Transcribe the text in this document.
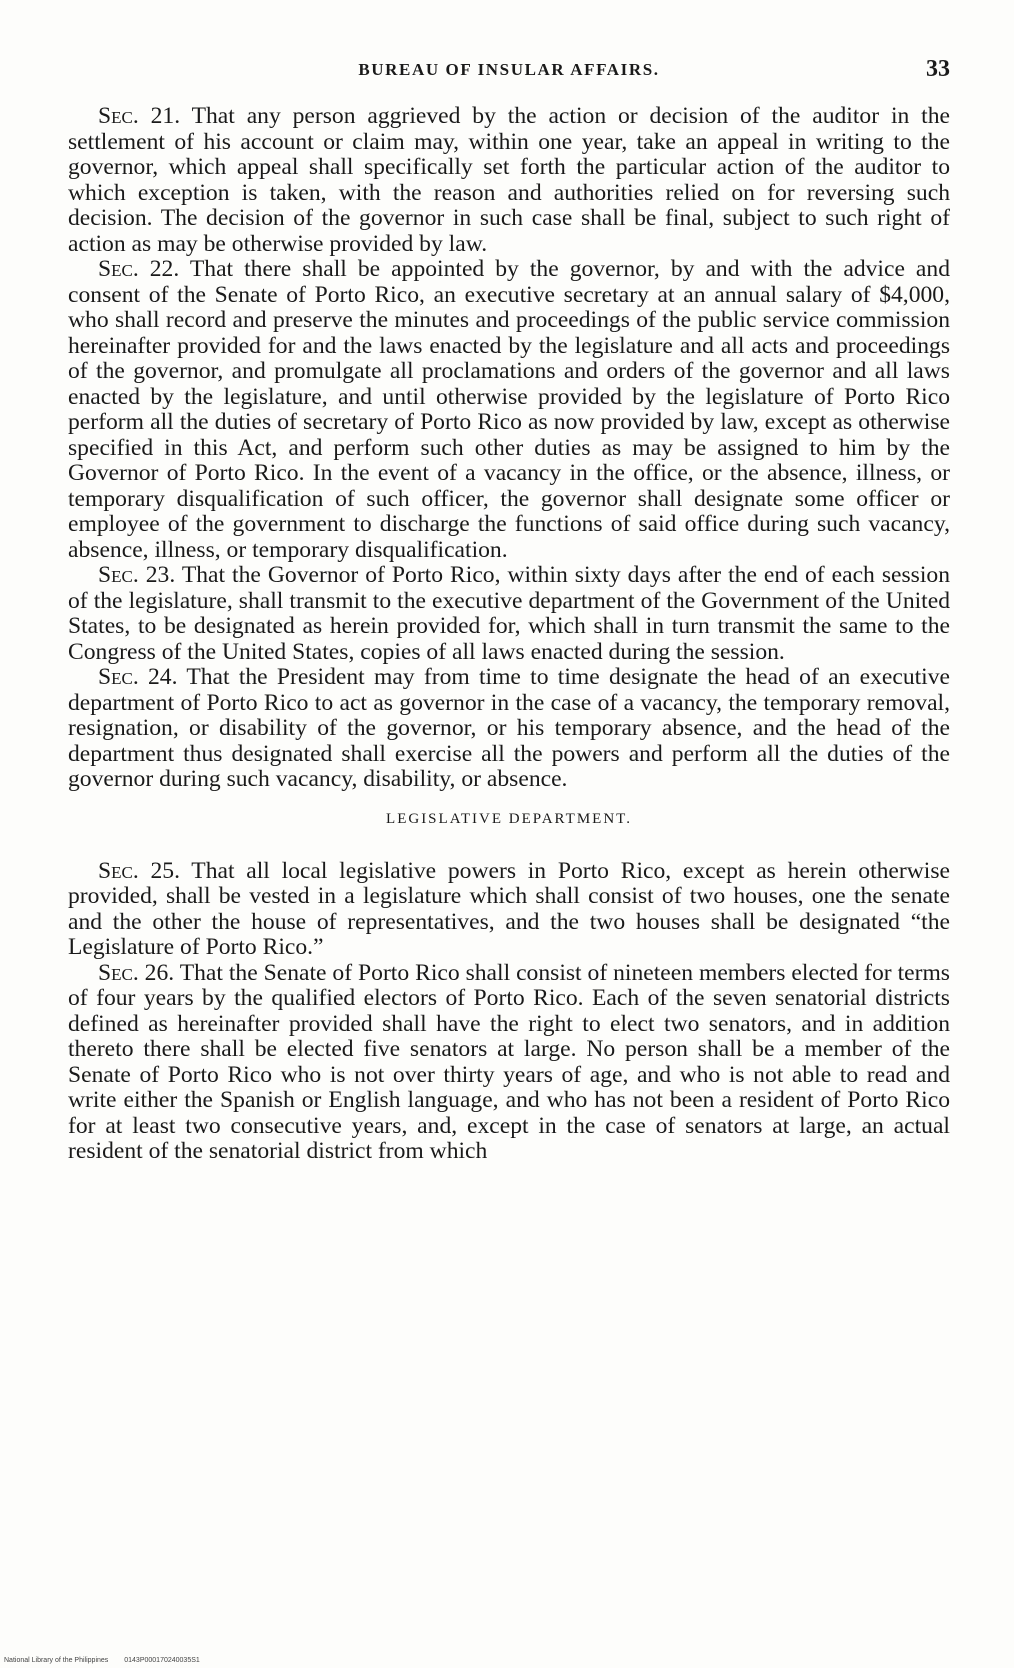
BUREAU OF INSULAR AFFAIRS.	33

Sec. 21. That any person aggrieved by the action or decision of the auditor in the settlement of his account or claim may, within one year, take an appeal in writing to the governor, which appeal shall specifically set forth the particular action of the auditor to which exception is taken, with the reason and authorities relied on for reversing such decision. The decision of the governor in such case shall be final, subject to such right of action as may be otherwise provided by law.

Sec. 22. That there shall be appointed by the governor, by and with the advice and consent of the Senate of Porto Rico, an executive secretary at an annual salary of $4,000, who shall record and preserve the minutes and proceedings of the public service commission hereinafter provided for and the laws enacted by the legislature and all acts and proceedings of the governor, and promulgate all proclamations and orders of the governor and all laws enacted by the legislature, and until otherwise provided by the legislature of Porto Rico perform all the duties of secretary of Porto Rico as now provided by law, except as otherwise specified in this Act, and perform such other duties as may be assigned to him by the Governor of Porto Rico. In the event of a vacancy in the office, or the absence, illness, or temporary disqualification of such officer, the governor shall designate some officer or employee of the government to discharge the functions of said office during such vacancy, absence, illness, or temporary disqualification.

Sec. 23. That the Governor of Porto Rico, within sixty days after the end of each session of the legislature, shall transmit to the executive department of the Government of the United States, to be designated as herein provided for, which shall in turn transmit the same to the Congress of the United States, copies of all laws enacted during the session.

Sec. 24. That the President may from time to time designate the head of an executive department of Porto Rico to act as governor in the case of a vacancy, the temporary removal, resignation, or disability of the governor, or his temporary absence, and the head of the department thus designated shall exercise all the powers and perform all the duties of the governor during such vacancy, disability, or absence.

LEGISLATIVE DEPARTMENT.

Sec. 25. That all local legislative powers in Porto Rico, except as herein otherwise provided, shall be vested in a legislature which shall consist of two houses, one the senate and the other the house of representatives, and the two houses shall be designated “the Legislature of Porto Rico.”

Sec. 26. That the Senate of Porto Rico shall consist of nineteen members elected for terms of four years by the qualified electors of Porto Rico. Each of the seven senatorial districts defined as hereinafter provided shall have the right to elect two senators, and in addition thereto there shall be elected five senators at large. No person shall be a member of the Senate of Porto Rico who is not over thirty years of age, and who is not able to read and write either the Spanish or English language, and who has not been a resident of Porto Rico for at least two consecutive years, and, except in the case of senators at large, an actual resident of the senatorial district from which

National Library of the Philippines 0143P000170240035S1
